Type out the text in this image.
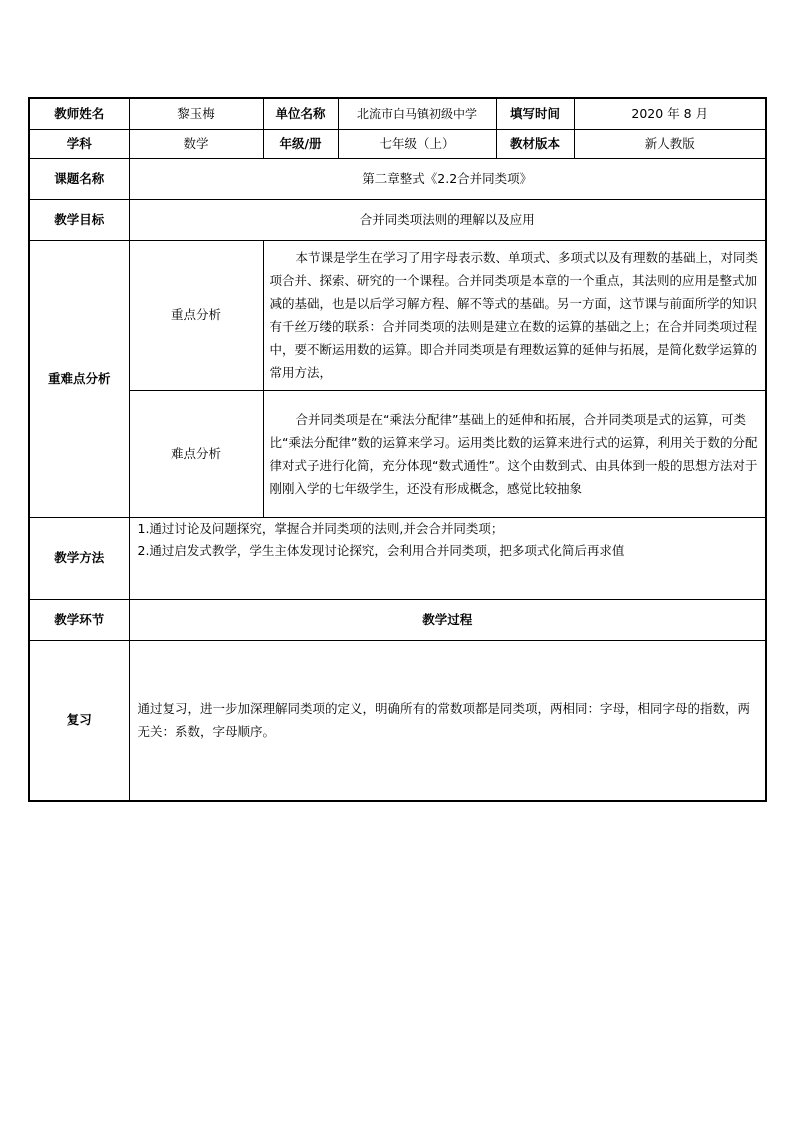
教师姓名	黎玉梅	单位名称	北流市白马镇初级中学	填写时间	2020 年 8 月
学科	数学	年级/册	七年级（上）	教材版本	新人教版
课题名称	第二章整式《2.2合并同类项》				
教学目标	合并同类项法则的理解以及应用				
重难点分析	重点分析	本节课是学生在学习了用字母表示数、单项式、多项式以及有理数的基础上，对同类项合并、探索、研究的一个课程。合并同类项是本章的一个重点，其法则的应用是整式加减的基础，也是以后学习解方程、解不等式的基础。另一方面，这节课与前面所学的知识有千丝万缕的联系：合并同类项的法则是建立在数的运算的基础之上；在合并同类项过程中，要不断运用数的运算。即合并同类项是有理数运算的延伸与拓展，是简化数学运算的常用方法，			
	难点分析	合并同类项是在“乘法分配律”基础上的延伸和拓展，合并同类项是式的运算，可类比“乘法分配律”数的运算来学习。运用类比数的运算来进行式的运算，利用关于数的分配律对式子进行化简，充分体现“数式通性”。这个由数到式、由具体到一般的思想方法对于刚刚入学的七年级学生，还没有形成概念，感觉比较抽象			
教学方法	1.通过讨论及问题探究，掌握合并同类项的法则,并会合并同类项；
2.通过启发式教学，学生主体发现讨论探究，会利用合并同类项，把多项式化简后再求值				

教学环节	教学过程				
复习	通过复习，进一步加深理解同类项的定义，明确所有的常数项都是同类项，两相同：字母，相同字母的指数，两无关：系数，字母顺序。				
